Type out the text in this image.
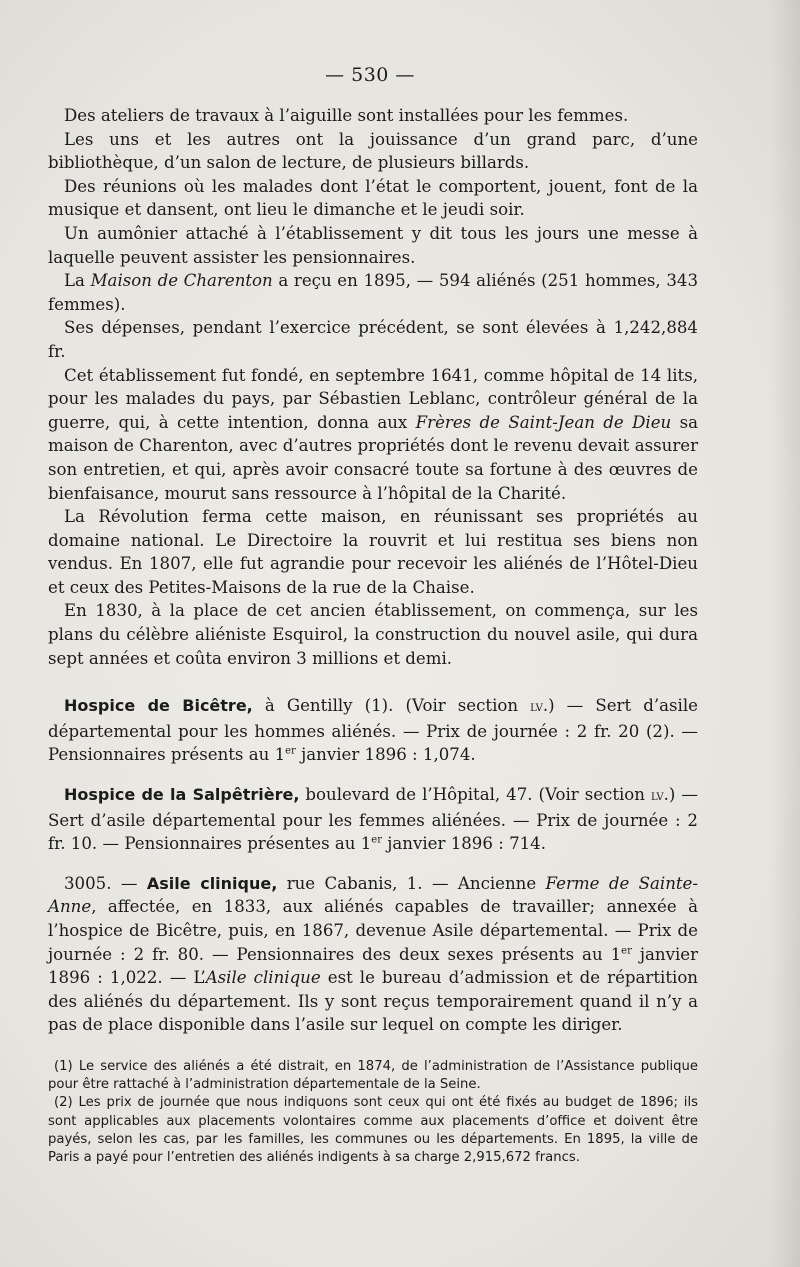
— 530 —

Des ateliers de travaux à l’aiguille sont installées pour les femmes.

Les uns et les autres ont la jouissance d’un grand parc, d’une bibliothèque, d’un salon de lecture, de plusieurs billards.

Des réunions où les malades dont l’état le comportent, jouent, font de la musique et dansent, ont lieu le dimanche et le jeudi soir.

Un aumônier attaché à l’établissement y dit tous les jours une messe à laquelle peuvent assister les pensionnaires.

La Maison de Charenton a reçu en 1895, — 594 aliénés (251 hommes, 343 femmes).

Ses dépenses, pendant l’exercice précédent, se sont élevées à 1,242,884 fr.

Cet établissement fut fondé, en septembre 1641, comme hôpital de 14 lits, pour les malades du pays, par Sébastien Leblanc, contrôleur général de la guerre, qui, à cette intention, donna aux Frères de Saint-Jean de Dieu sa maison de Charenton, avec d’autres propriétés dont le revenu devait assurer son entretien, et qui, après avoir consacré toute sa fortune à des œuvres de bienfaisance, mourut sans ressource à l’hôpital de la Charité.

La Révolution ferma cette maison, en réunissant ses propriétés au domaine national. Le Directoire la rouvrit et lui restitua ses biens non vendus. En 1807, elle fut agrandie pour recevoir les aliénés de l’Hôtel-Dieu et ceux des Petites-Maisons de la rue de la Chaise.

En 1830, à la place de cet ancien établissement, on commença, sur les plans du célèbre aliéniste Esquirol, la construction du nouvel asile, qui dura sept années et coûta environ 3 millions et demi.

Hospice de Bicêtre, à Gentilly (1). (Voir section lv.) — Sert d’asile départemental pour les hommes aliénés. — Prix de journée : 2 fr. 20 (2). — Pensionnaires présents au 1er janvier 1896 : 1,074.

Hospice de la Salpêtrière, boulevard de l’Hôpital, 47. (Voir section lv.) — Sert d’asile départemental pour les femmes aliénées. — Prix de journée : 2 fr. 10. — Pensionnaires présentes au 1er janvier 1896 : 714.

3005. — Asile clinique, rue Cabanis, 1. — Ancienne Ferme de Sainte-Anne, affectée, en 1833, aux aliénés capables de travailler; annexée à l’hospice de Bicêtre, puis, en 1867, devenue Asile départemental. — Prix de journée : 2 fr. 80. — Pensionnaires des deux sexes présents au 1er janvier 1896 : 1,022. — L’Asile clinique est le bureau d’admission et de répartition des aliénés du département. Ils y sont reçus temporairement quand il n’y a pas de place disponible dans l’asile sur lequel on compte les diriger.

(1) Le service des aliénés a été distrait, en 1874, de l’administration de l’Assistance publique pour être rattaché à l’administration départementale de la Seine.

(2) Les prix de journée que nous indiquons sont ceux qui ont été fixés au budget de 1896; ils sont applicables aux placements volontaires comme aux placements d’office et doivent être payés, selon les cas, par les familles, les communes ou les départements. En 1895, la ville de Paris a payé pour l’entretien des aliénés indigents à sa charge 2,915,672 francs.
